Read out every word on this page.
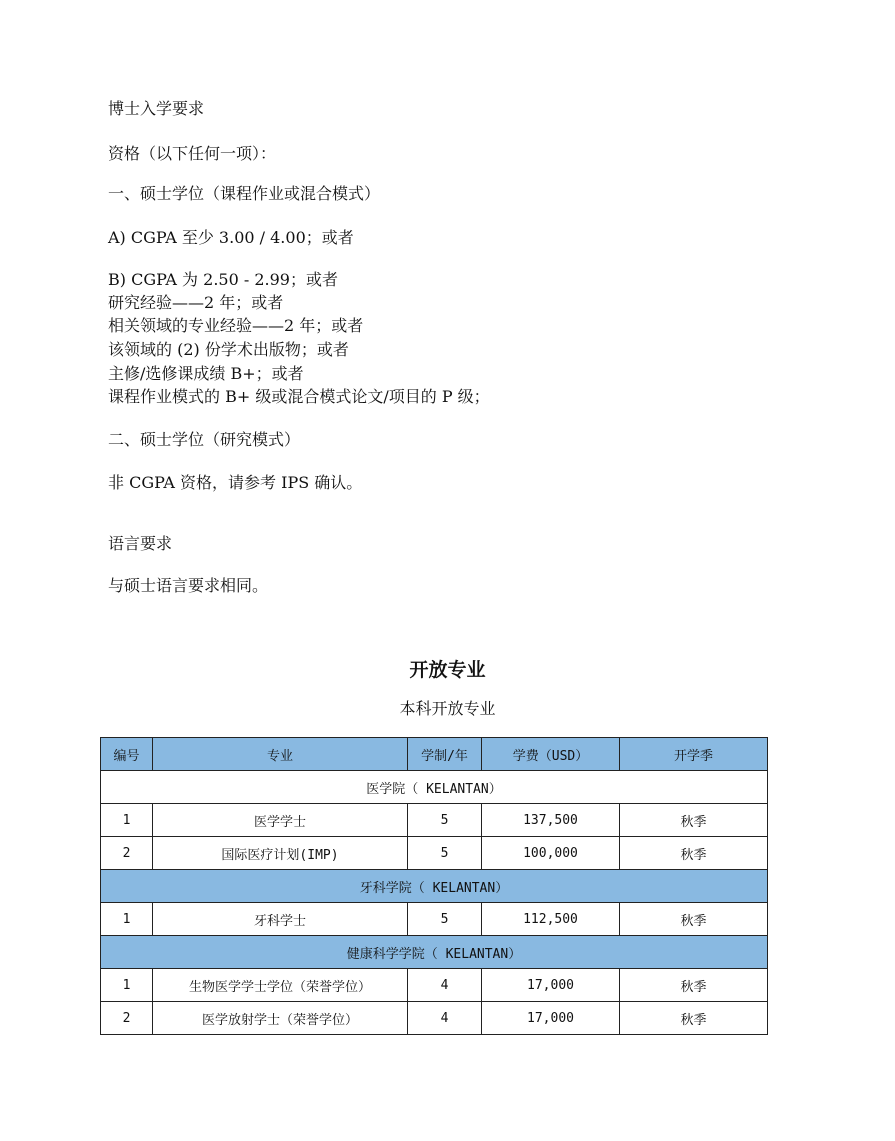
博士入学要求
资格（以下任何一项）：
一、硕士学位（课程作业或混合模式）
A) CGPA 至少 3.00 / 4.00；或者
B) CGPA 为 2.50 - 2.99；或者
研究经验——2 年；或者
相关领域的专业经验——2 年；或者
该领域的 (2) 份学术出版物；或者
主修/选修课成绩 B+；或者
课程作业模式的 B+ 级或混合模式论文/项目的 P 级；
二、硕士学位（研究模式）
非 CGPA 资格，请参考 IPS 确认。
语言要求
与硕士语言要求相同。
开放专业
本科开放专业
编号	专业	学制/年	学费（USD）	开学季
医学院（ KELANTAN）				
1	医学学士	5	137,500	秋季
2	国际医疗计划(IMP)	5	100,000	秋季
牙科学院（ KELANTAN）				
1	牙科学士	5	112,500	秋季
健康科学学院（ KELANTAN）				
1	生物医学学士学位（荣誉学位）	4	17,000	秋季
2	医学放射学士（荣誉学位）	4	17,000	秋季
